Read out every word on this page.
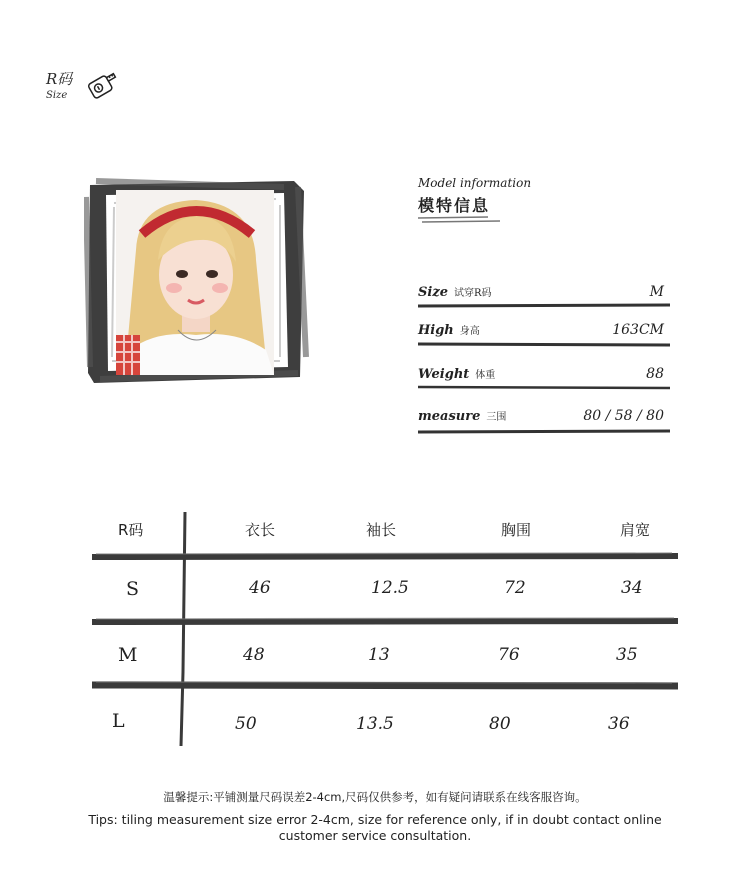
R码
Size
Model information
模特信息
Size 试穿R码	M
High 身高	163CM
Weight 体重	88
measure 三围	80 / 58 / 80
R码	衣长	袖长	胸围	肩宽
S	46	12.5	72	34
M	48	13	76	35
L	50	13.5	80	36
温馨提示:平铺测量尺码误差2-4cm,尺码仅供参考，如有疑问请联系在线客服咨询。
Tips: tiling measurement size error 2-4cm, size for reference only, if in doubt contact online customer service consultation.
